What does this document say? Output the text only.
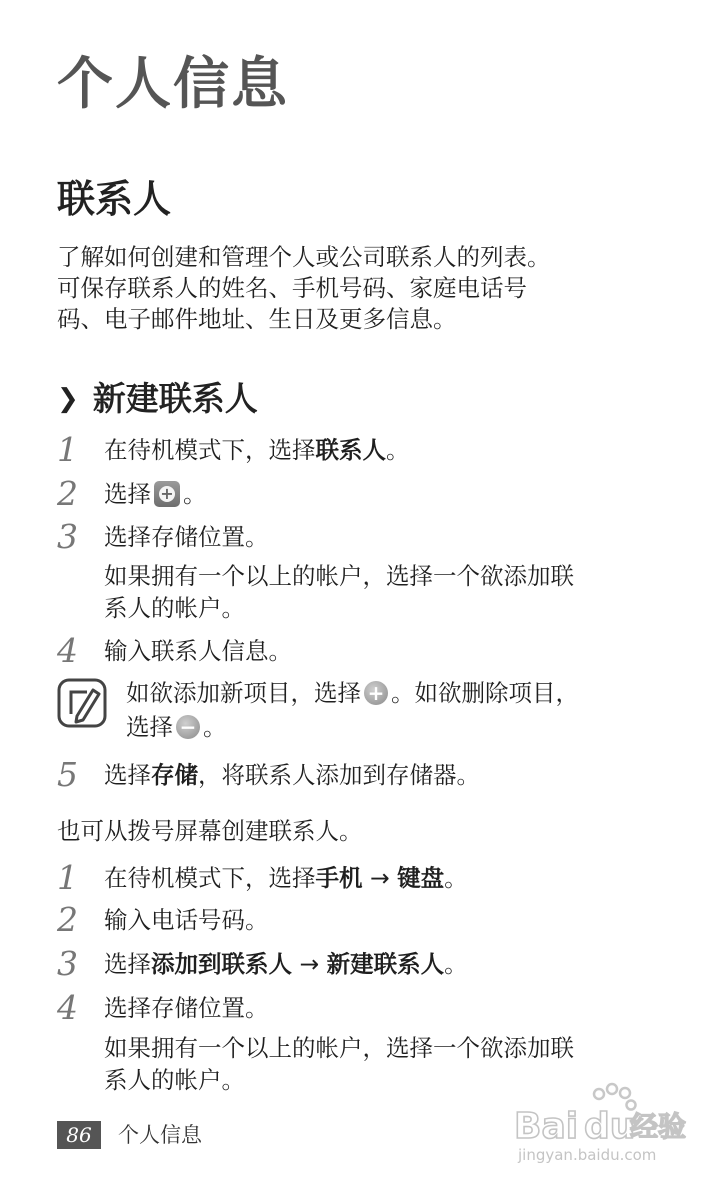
个人信息
联系人
了解如何创建和管理个人或公司联系人的列表。
可保存联系人的姓名、手机号码、家庭电话号
码、电子邮件地址、生日及更多信息。
❯ 新建联系人
1 在待机模式下，选择联系人。
2 选择+ 。
3 选择存储位置。
如果拥有一个以上的帐户，选择一个欲添加联
系人的帐户。
4 输入联系人信息。
如欲添加新项目，选择 + 。如欲删除项目，
选择 − 。
5 选择存储，将联系人添加到存储器。
也可从拨号屏幕创建联系人。
1 在待机模式下，选择手机 → 键盘。
2 输入电话号码。
3 选择添加到联系人 → 新建联系人。
4 选择存储位置。
如果拥有一个以上的帐户，选择一个欲添加联
系人的帐户。
86	个人信息	Bai du
经验
jingyan.baidu.com
